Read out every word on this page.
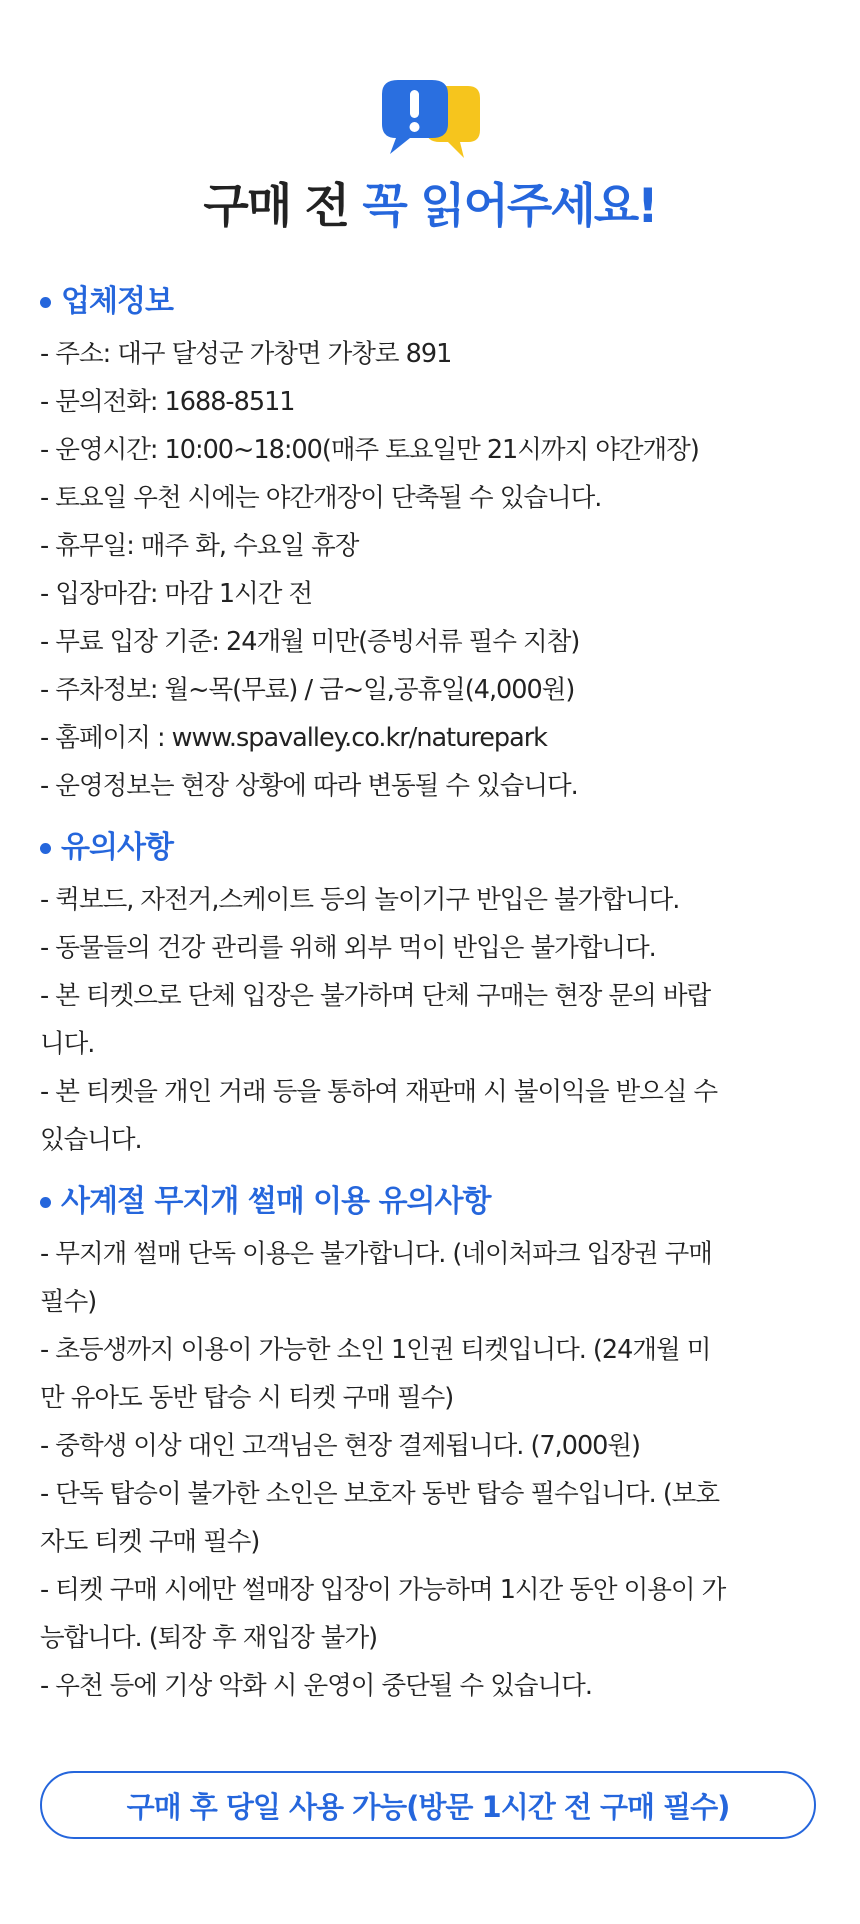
구매 전 꼭 읽어주세요!
업체정보
- 주소: 대구 달성군 가창면 가창로 891
- 문의전화: 1688-8511
- 운영시간: 10:00~18:00(매주 토요일만 21시까지 야간개장)
- 토요일 우천 시에는 야간개장이 단축될 수 있습니다.
- 휴무일: 매주 화, 수요일 휴장
- 입장마감: 마감 1시간 전
- 무료 입장 기준: 24개월 미만(증빙서류 필수 지참)
- 주차정보: 월~목(무료) / 금~일,공휴일(4,000원)
- 홈페이지 : www.spavalley.co.kr/naturepark
- 운영정보는 현장 상황에 따라 변동될 수 있습니다.
유의사항
- 퀵보드, 자전거,스케이트 등의 놀이기구 반입은 불가합니다.
- 동물들의 건강 관리를 위해 외부 먹이 반입은 불가합니다.
- 본 티켓으로 단체 입장은 불가하며 단체 구매는 현장 문의 바랍
니다.
- 본 티켓을 개인 거래 등을 통하여 재판매 시 불이익을 받으실 수
있습니다.
사계절 무지개 썰매 이용 유의사항
- 무지개 썰매 단독 이용은 불가합니다. (네이처파크 입장권 구매
필수)
- 초등생까지 이용이 가능한 소인 1인권 티켓입니다. (24개월 미
만 유아도 동반 탑승 시 티켓 구매 필수)
- 중학생 이상 대인 고객님은 현장 결제됩니다. (7,000원)
- 단독 탑승이 불가한 소인은 보호자 동반 탑승 필수입니다. (보호
자도 티켓 구매 필수)
- 티켓 구매 시에만 썰매장 입장이 가능하며 1시간 동안 이용이 가
능합니다. (퇴장 후 재입장 불가)
- 우천 등에 기상 악화 시 운영이 중단될 수 있습니다.
구매 후 당일 사용 가능(방문 1시간 전 구매 필수)
